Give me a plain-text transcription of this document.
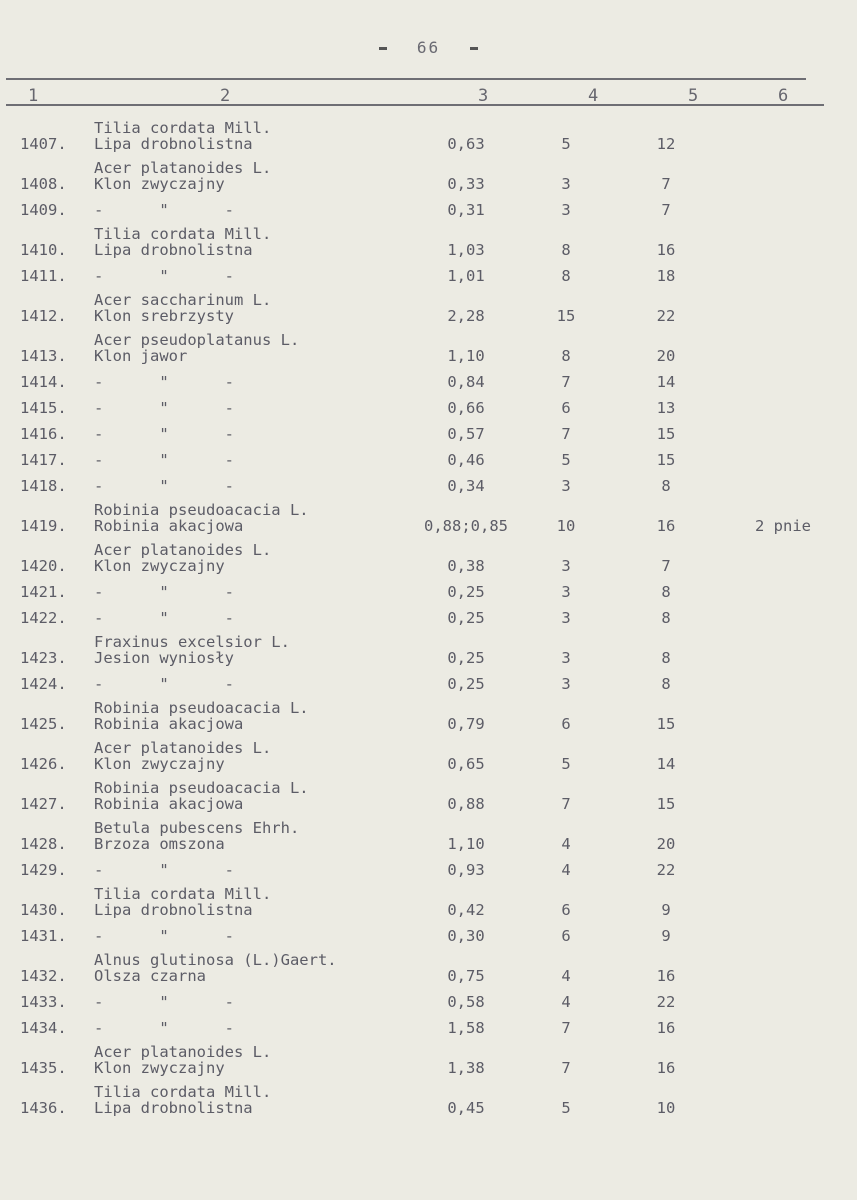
66
1	2	3	4	5	6
1407.	Tilia cordata Mill.
Lipa drobnolistna	0,63	5	12	
1408.	Acer platanoides L.
Klon zwyczajny	0,33	3	7	
1409.	-      "      -	0,31	3	7	
1410.	Tilia cordata Mill.
Lipa drobnolistna	1,03	8	16	
1411.	-      "      -	1,01	8	18	
1412.	Acer saccharinum L.
Klon srebrzysty	2,28	15	22	
1413.	Acer pseudoplatanus L.
Klon jawor	1,10	8	20	
1414.	-      "      -	0,84	7	14	
1415.	-      "      -	0,66	6	13	
1416.	-      "      -	0,57	7	15	
1417.	-      "      -	0,46	5	15	
1418.	-      "      -	0,34	3	8	
1419.	Robinia pseudoacacia L.
Robinia akacjowa	0,88;0,85	10	16	2 pnie
1420.	Acer platanoides L.
Klon zwyczajny	0,38	3	7	
1421.	-      "      -	0,25	3	8	
1422.	-      "      -	0,25	3	8	
1423.	Fraxinus excelsior L.
Jesion wyniosły	0,25	3	8	
1424.	-      "      -	0,25	3	8	
1425.	Robinia pseudoacacia L.
Robinia akacjowa	0,79	6	15	
1426.	Acer platanoides L.
Klon zwyczajny	0,65	5	14	
1427.	Robinia pseudoacacia L.
Robinia akacjowa	0,88	7	15	
1428.	Betula pubescens Ehrh.
Brzoza omszona	1,10	4	20	
1429.	-      "      -	0,93	4	22	
1430.	Tilia cordata Mill.
Lipa drobnolistna	0,42	6	9	
1431.	-      "      -	0,30	6	9	
1432.	Alnus glutinosa (L.)Gaert.
Olsza czarna	0,75	4	16	
1433.	-      "      -	0,58	4	22	
1434.	-      "      -	1,58	7	16	
1435.	Acer platanoides L.
Klon zwyczajny	1,38	7	16	
1436.	Tilia cordata Mill.
Lipa drobnolistna	0,45	5	10	
